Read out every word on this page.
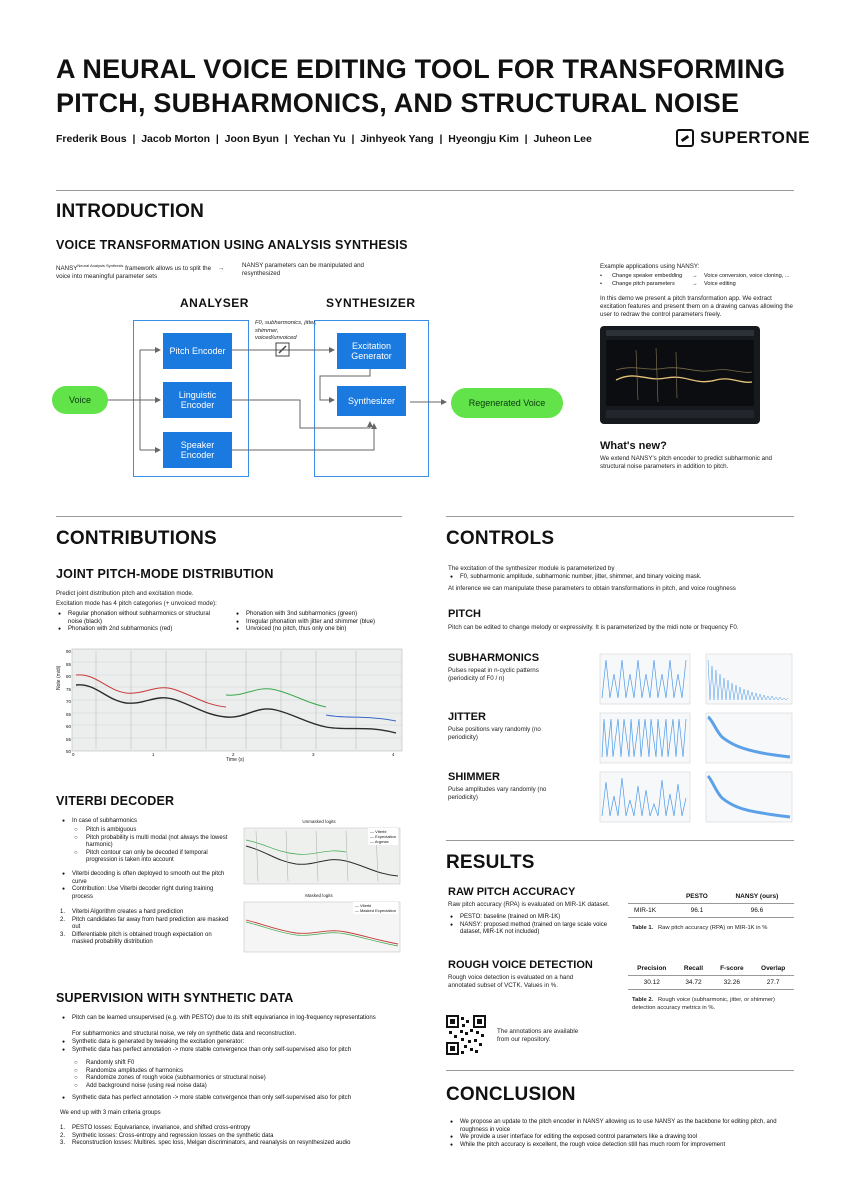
A NEURAL VOICE EDITING TOOL FOR TRANSFORMING PITCH, SUBHARMONICS, AND STRUCTURAL NOISE
Frederik Bous  |  Jacob Morton  |  Joon Byun  |  Yechan Yu  |  Jinhyeok Yang  |  Hyeongju Kim  |  Juheon Lee	SUPERTONE
INTRODUCTION
VOICE TRANSFORMATION USING ANALYSIS SYNTHESIS
$NANSY^{Neural Analysis Synthesis}$ framework allows us to split the voice into meaningful parameter sets
→	NANSY parameters can be manipulated and resynthesized
ANALYSER	SYNTHESIZER
Voice
Pitch Encoder
Linguistic Encoder
Speaker Encoder
Excitation Generator
Synthesizer	Regenerated Voice
F0, subharmonics, jitter, shimmer, voiced/unvoiced
Example applications using NANSY:
•	Change speaker embedding	→	Voice conversion, voice cloning, ...
•	Change pitch parameters	→	Voice editing
In this demo we present a pitch transformation app. We extract excitation features and present them on a drawing canvas allowing the user to redraw the control parameters freely.
What's new?
We extend NANSY's pitch encoder to predict subharmonic and structural noise parameters in addition to pitch.
CONTRIBUTIONS
JOINT PITCH-MODE DISTRIBUTION
Predict joint distribution pitch and excitation mode.
Excitation mode has 4 pitch categories (+ unvoiced mode):
● Regular phonation without subharmonics or structural noise (black)
● Phonation with 2nd subharmonics (red)
● Phonation with 3nd subharmonics (green)
● Irregular phonation with jitter and shimmer (blue)
● Unvoiced (no pitch, thus only one bin)
Note (midi)
Time (s)
90
85
80
75
70
65
60
55
50
0	1	2	3	4
VITERBI DECODER
● In case of subharmonics
○ Pitch is ambiguous
○ Pitch probability is multi modal (not always the lowest harmonic)
○ Pitch contour can only be decoded if temporal progression is taken into account
● Viterbi decoding is often deployed to smooth out the pitch curve
● Contribution: Use Viterbi decoder right during training process
1. Viterbi Algorithm creates a hard prediction
2. Pitch candidates far away from hard prediction are masked out
3. Differentiable pitch is obtained trough expectation on masked probability distribution
Unmasked logits
— Viterbi
— Expectation
— Argmax
Masked logits
— Viterbi
— Masked Expectation
SUPERVISION WITH SYNTHETIC DATA
● Pitch can be learned unsupervised (e.g. with PESTO) due to its shift equivariance in log-frequency representations
For subharmonics and structural noise, we rely on synthetic data and reconstruction.
● Synthetic data is generated by tweaking the excitation generator:
● Synthetic data has perfect annotation -> more stable convergence than only self-supervised also for pitch
○ Randomly shift F0
○ Randomize amplitudes of harmonics
○ Randomize zones of rough voice (subharmonics or structural noise)
○ Add background noise (using real noise data)
● Synthetic data has perfect annotation -> more stable convergence than only self-supervised also for pitch
We end up with 3 main criteria groups
1. PESTO losses: Equivariance, invariance, and shifted cross-entropy
2. Synthetic losses: Cross-entropy and regression losses on the synthetic data
3. Reconstruction losses: Multires. spec loss, Melgan discriminators, and reanalysis on resynthesized audio
CONTROLS
The excitation of the synthesizer module is parameterized by
● F0, subharmonic amplitude, subharmonic number, jitter, shimmer, and binary voicing mask.
At inference we can manipulate these parameters to obtain transformations in pitch, and voice roughness
PITCH
Pitch can be edited to change melody or expressivity. It is parameterized by the midi note or frequency F0.
SUBHARMONICS
Pulses repeat in n-cyclic patterns (periodicity of F0 / n)
JITTER
Pulse positions vary randomly (no periodicity)
SHIMMER
Pulse amplitudes vary randomly (no periodicity)
RESULTS
RAW PITCH ACCURACY
Raw pitch accuracy (RPA) is evaluated on MIR-1K dataset.
● PESTO: baseline (trained on MIR-1K)
● NANSY: proposed method (trained on large scale voice dataset, MIR-1K not included)
	PESTO	NANSY (ours)
MIR-1K	96.1	96.6
Table 1. Raw pitch accuracy (RPA) on MIR-1K in %
ROUGH VOICE DETECTION
Rough voice detection is evaluated on a hand annotated subset of VCTK. Values in %.
Precision	Recall	F-score	Overlap
30.12	34.72	32.26	27.7
Table 2. Rough voice (subharmonic, jitter, or shimmer) detection accuracy metrics in %.
The annotations are available from our repository:
CONCLUSION
● We propose an update to the pitch encoder in NANSY allowing us to use NANSY as the backbone for editing pitch, and roughness in voice
● We provide a user interface for editing the exposed control parameters like a drawing tool
● While the pitch accuracy is excellent, the rough voice detection still has much room for improvement
